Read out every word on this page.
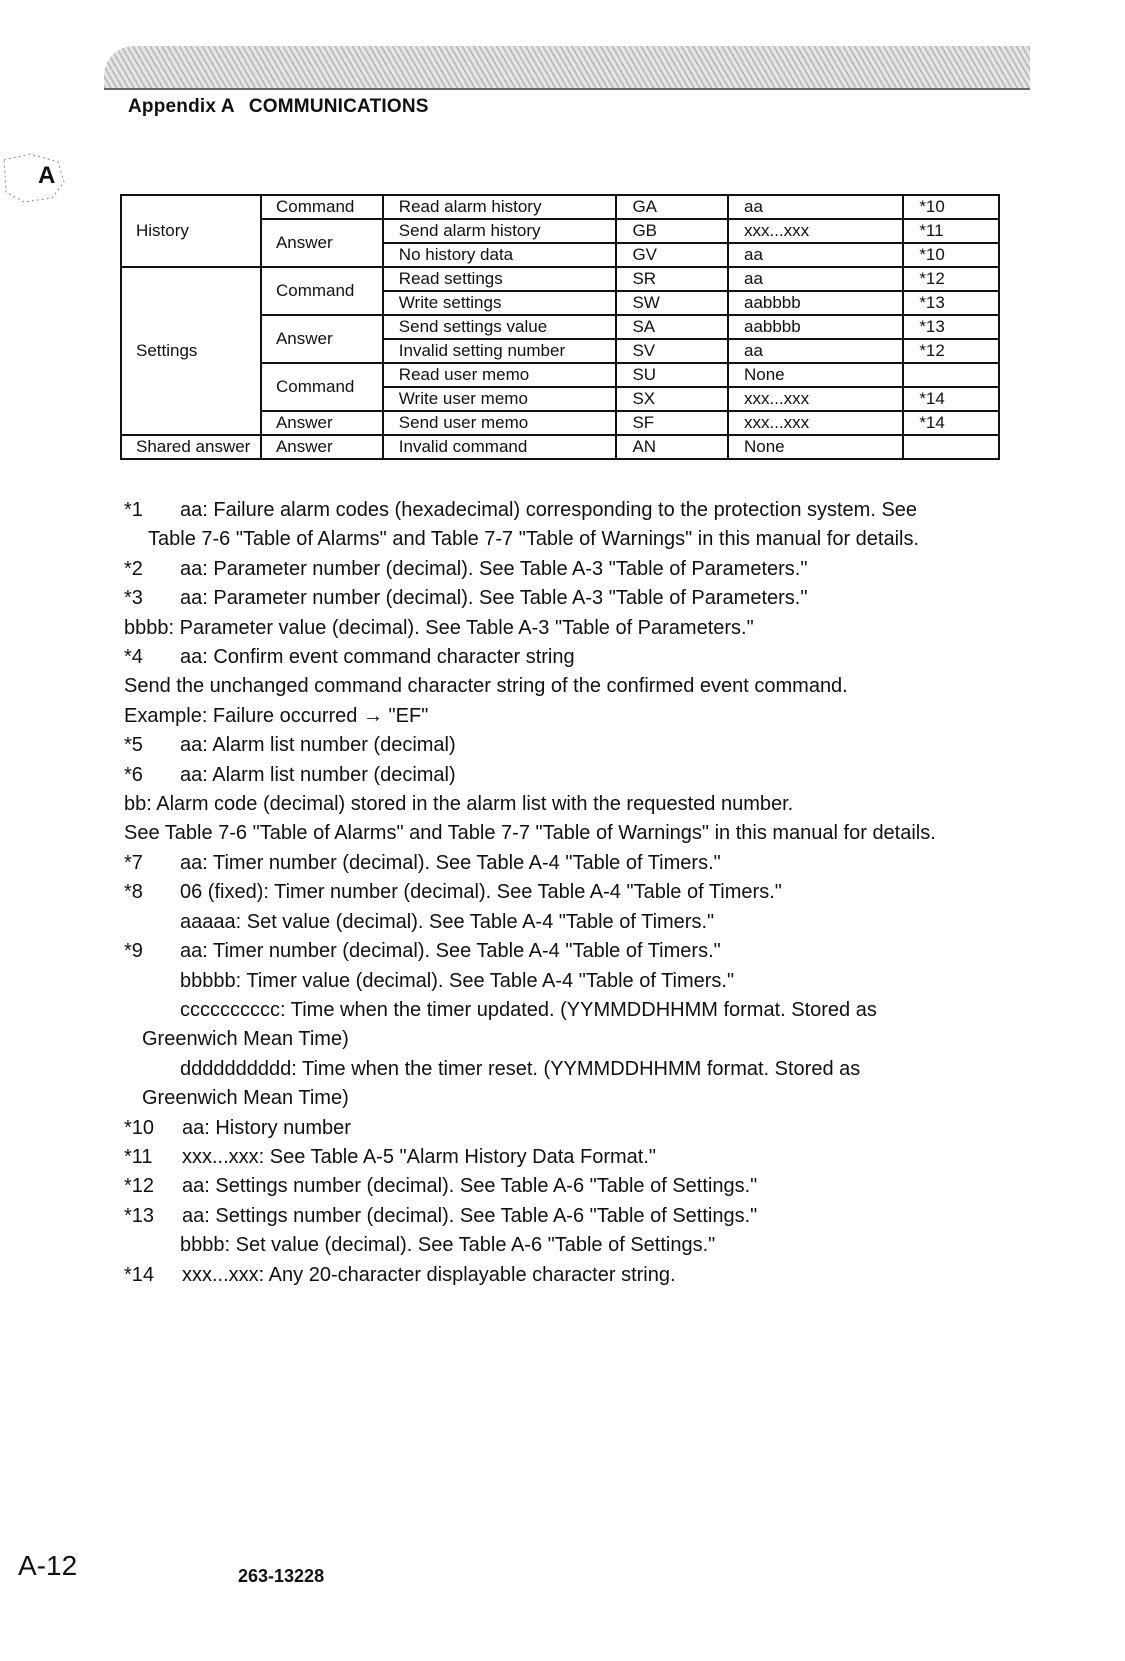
Appendix A COMMUNICATIONS
A
History	Command	Read alarm history	GA	aa	*10
	Answer	Send alarm history	GB	xxx...xxx	*11
		No history data	GV	aa	*10
Settings	Command	Read settings	SR	aa	*12
		Write settings	SW	aabbbb	*13
	Answer	Send settings value	SA	aabbbb	*13
		Invalid setting number	SV	aa	*12
	Command	Read user memo	SU	None	
		Write user memo	SX	xxx...xxx	*14
	Answer	Send user memo	SF	xxx...xxx	*14
Shared answer	Answer	Invalid command	AN	None	
*1 aa: Failure alarm codes (hexadecimal) corresponding to the protection system. See
Table 7-6 "Table of Alarms" and Table 7-7 "Table of Warnings" in this manual for details.
*2 aa: Parameter number (decimal). See Table A-3 "Table of Parameters."
*3 aa: Parameter number (decimal). See Table A-3 "Table of Parameters."
bbbb: Parameter value (decimal). See Table A-3 "Table of Parameters."
*4 aa: Confirm event command character string
Send the unchanged command character string of the confirmed event command.
Example: Failure occurred → "EF"
*5 aa: Alarm list number (decimal)
*6 aa: Alarm list number (decimal)
bb: Alarm code (decimal) stored in the alarm list with the requested number.
See Table 7-6 "Table of Alarms" and Table 7-7 "Table of Warnings" in this manual for details.
*7 aa: Timer number (decimal). See Table A-4 "Table of Timers."
*8 06 (fixed): Timer number (decimal). See Table A-4 "Table of Timers."
aaaaa: Set value (decimal). See Table A-4 "Table of Timers."
*9 aa: Timer number (decimal). See Table A-4 "Table of Timers."
bbbbb: Timer value (decimal). See Table A-4 "Table of Timers."
cccccccccc: Time when the timer updated. (YYMMDDHHMM format. Stored as
Greenwich Mean Time)
dddddddddd: Time when the timer reset. (YYMMDDHHMM format. Stored as
Greenwich Mean Time)
*10 aa: History number
*11 xxx...xxx: See Table A-5 "Alarm History Data Format."
*12 aa: Settings number (decimal). See Table A-6 "Table of Settings."
*13 aa: Settings number (decimal). See Table A-6 "Table of Settings."
bbbb: Set value (decimal). See Table A-6 "Table of Settings."
*14 xxx...xxx: Any 20-character displayable character string.
A-12	263-13228
